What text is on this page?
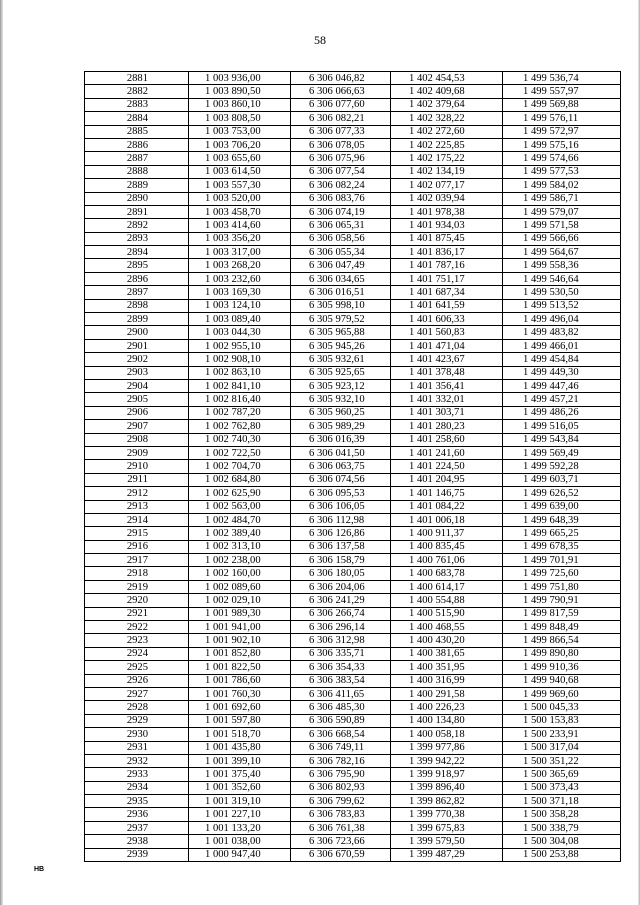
58
2881	1 003 936,00	6 306 046,82	1 402 454,53	1 499 536,74
2882	1 003 890,50	6 306 066,63	1 402 409,68	1 499 557,97
2883	1 003 860,10	6 306 077,60	1 402 379,64	1 499 569,88
2884	1 003 808,50	6 306 082,21	1 402 328,22	1 499 576,11
2885	1 003 753,00	6 306 077,33	1 402 272,60	1 499 572,97
2886	1 003 706,20	6 306 078,05	1 402 225,85	1 499 575,16
2887	1 003 655,60	6 306 075,96	1 402 175,22	1 499 574,66
2888	1 003 614,50	6 306 077,54	1 402 134,19	1 499 577,53
2889	1 003 557,30	6 306 082,24	1 402 077,17	1 499 584,02
2890	1 003 520,00	6 306 083,76	1 402 039,94	1 499 586,71
2891	1 003 458,70	6 306 074,19	1 401 978,38	1 499 579,07
2892	1 003 414,60	6 306 065,31	1 401 934,03	1 499 571,58
2893	1 003 356,20	6 306 058,56	1 401 875,45	1 499 566,66
2894	1 003 317,00	6 306 055,34	1 401 836,17	1 499 564,67
2895	1 003 268,20	6 306 047,49	1 401 787,16	1 499 558,36
2896	1 003 232,60	6 306 034,65	1 401 751,17	1 499 546,64
2897	1 003 169,30	6 306 016,51	1 401 687,34	1 499 530,50
2898	1 003 124,10	6 305 998,10	1 401 641,59	1 499 513,52
2899	1 003 089,40	6 305 979,52	1 401 606,33	1 499 496,04
2900	1 003 044,30	6 305 965,88	1 401 560,83	1 499 483,82
2901	1 002 955,10	6 305 945,26	1 401 471,04	1 499 466,01
2902	1 002 908,10	6 305 932,61	1 401 423,67	1 499 454,84
2903	1 002 863,10	6 305 925,65	1 401 378,48	1 499 449,30
2904	1 002 841,10	6 305 923,12	1 401 356,41	1 499 447,46
2905	1 002 816,40	6 305 932,10	1 401 332,01	1 499 457,21
2906	1 002 787,20	6 305 960,25	1 401 303,71	1 499 486,26
2907	1 002 762,80	6 305 989,29	1 401 280,23	1 499 516,05
2908	1 002 740,30	6 306 016,39	1 401 258,60	1 499 543,84
2909	1 002 722,50	6 306 041,50	1 401 241,60	1 499 569,49
2910	1 002 704,70	6 306 063,75	1 401 224,50	1 499 592,28
2911	1 002 684,80	6 306 074,56	1 401 204,95	1 499 603,71
2912	1 002 625,90	6 306 095,53	1 401 146,75	1 499 626,52
2913	1 002 563,00	6 306 106,05	1 401 084,22	1 499 639,00
2914	1 002 484,70	6 306 112,98	1 401 006,18	1 499 648,39
2915	1 002 389,40	6 306 126,86	1 400 911,37	1 499 665,25
2916	1 002 313,10	6 306 137,58	1 400 835,45	1 499 678,35
2917	1 002 238,00	6 306 158,79	1 400 761,06	1 499 701,91
2918	1 002 160,00	6 306 180,05	1 400 683,78	1 499 725,60
2919	1 002 089,60	6 306 204,06	1 400 614,17	1 499 751,80
2920	1 002 029,10	6 306 241,29	1 400 554,88	1 499 790,91
2921	1 001 989,30	6 306 266,74	1 400 515,90	1 499 817,59
2922	1 001 941,00	6 306 296,14	1 400 468,55	1 499 848,49
2923	1 001 902,10	6 306 312,98	1 400 430,20	1 499 866,54
2924	1 001 852,80	6 306 335,71	1 400 381,65	1 499 890,80
2925	1 001 822,50	6 306 354,33	1 400 351,95	1 499 910,36
2926	1 001 786,60	6 306 383,54	1 400 316,99	1 499 940,68
2927	1 001 760,30	6 306 411,65	1 400 291,58	1 499 969,60
2928	1 001 692,60	6 306 485,30	1 400 226,23	1 500 045,33
2929	1 001 597,80	6 306 590,89	1 400 134,80	1 500 153,83
2930	1 001 518,70	6 306 668,54	1 400 058,18	1 500 233,91
2931	1 001 435,80	6 306 749,11	1 399 977,86	1 500 317,04
2932	1 001 399,10	6 306 782,16	1 399 942,22	1 500 351,22
2933	1 001 375,40	6 306 795,90	1 399 918,97	1 500 365,69
2934	1 001 352,60	6 306 802,93	1 399 896,40	1 500 373,43
2935	1 001 319,10	6 306 799,62	1 399 862,82	1 500 371,18
2936	1 001 227,10	6 306 783,83	1 399 770,38	1 500 358,28
2937	1 001 133,20	6 306 761,38	1 399 675,83	1 500 338,79
2938	1 001 038,00	6 306 723,66	1 399 579,50	1 500 304,08
2939	1 000 947,40	6 306 670,59	1 399 487,29	1 500 253,88
НВ
